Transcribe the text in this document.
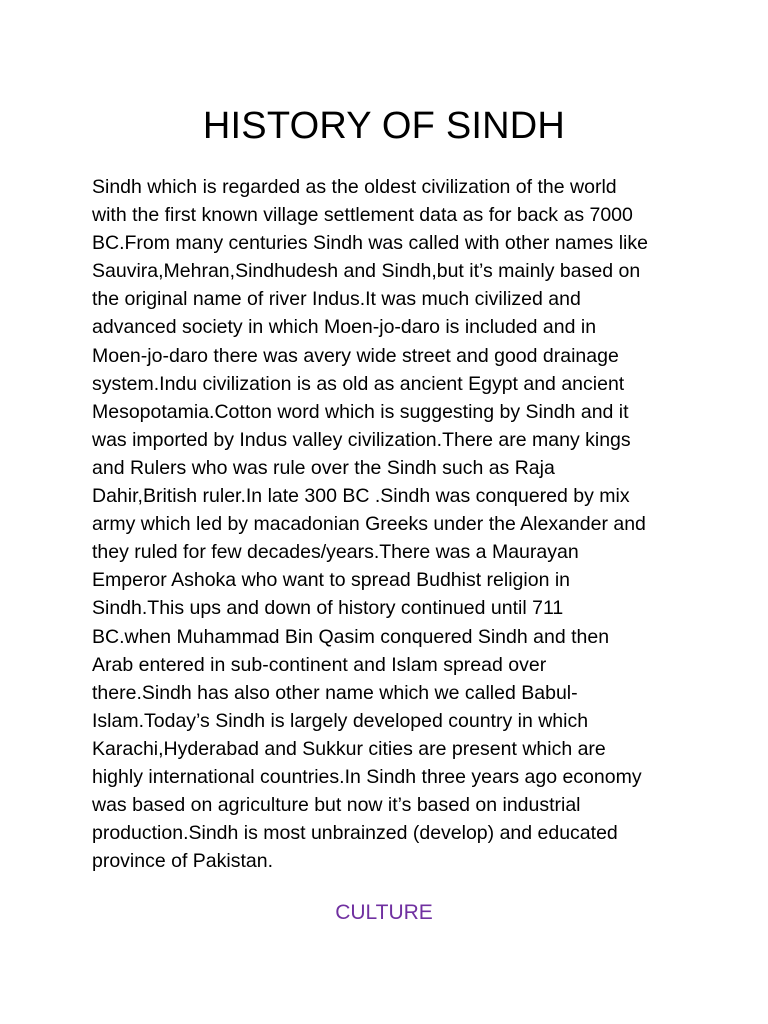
HISTORY OF SINDH

Sindh which is regarded as the oldest civilization of the world
with the first known village settlement data as for back as 7000
BC.From many centuries Sindh was called with other names like
Sauvira,Mehran,Sindhudesh and Sindh,but it’s mainly based on
the original name of river Indus.It was much civilized and
advanced society in which Moen-jo-daro is included and in
Moen-jo-daro there was avery wide street and good drainage
system.Indu civilization is as old as ancient Egypt and ancient
Mesopotamia.Cotton word which is suggesting by Sindh and it
was imported by Indus valley civilization.There are many kings
and Rulers who was rule over the Sindh such as Raja
Dahir,British ruler.In late 300 BC .Sindh was conquered by mix
army which led by macadonian Greeks under the Alexander and
they ruled for few decades/years.There was a Maurayan
Emperor Ashoka who want to spread Budhist religion in
Sindh.This ups and down of history continued until 711
BC.when Muhammad Bin Qasim conquered Sindh and then
Arab entered in sub-continent and Islam spread over
there.Sindh has also other name which we called Babul-
Islam.Today’s Sindh is largely developed country in which
Karachi,Hyderabad and Sukkur cities are present which are
highly international countries.In Sindh three years ago economy
was based on agriculture but now it’s based on industrial
production.Sindh is most unbrainzed (develop) and educated
province of Pakistan.

CULTURE
